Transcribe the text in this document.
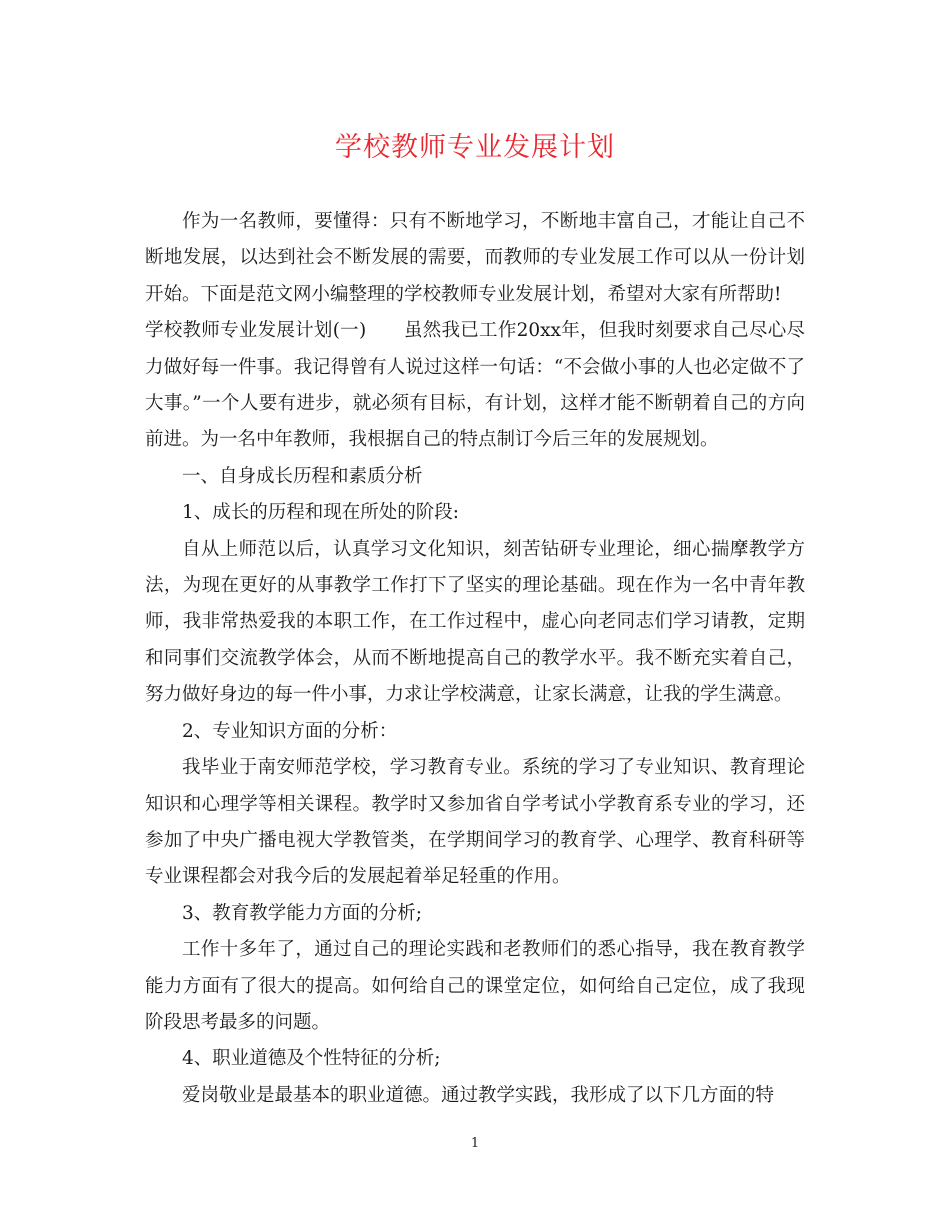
学校教师专业发展计划

作为一名教师，要懂得：只有不断地学习，不断地丰富自己，才能让自己不断地发展，以达到社会不断发展的需要，而教师的专业发展工作可以从一份计划开始。下面是范文网小编整理的学校教师专业发展计划，希望对大家有所帮助!

学校教师专业发展计划(一)　　虽然我已工作20xx年，但我时刻要求自己尽心尽力做好每一件事。我记得曾有人说过这样一句话：“不会做小事的人也必定做不了大事。”一个人要有进步，就必须有目标，有计划，这样才能不断朝着自己的方向前进。为一名中年教师，我根据自己的特点制订今后三年的发展规划。

一、自身成长历程和素质分析

1、成长的历程和现在所处的阶段:

自从上师范以后，认真学习文化知识，刻苦钻研专业理论，细心揣摩教学方法，为现在更好的从事教学工作打下了坚实的理论基础。现在作为一名中青年教师，我非常热爱我的本职工作，在工作过程中，虚心向老同志们学习请教，定期和同事们交流教学体会，从而不断地提高自己的教学水平。我不断充实着自己，努力做好身边的每一件小事，力求让学校满意，让家长满意，让我的学生满意。

2、专业知识方面的分析：

我毕业于南安师范学校，学习教育专业。系统的学习了专业知识、教育理论知识和心理学等相关课程。教学时又参加省自学考试小学教育系专业的学习，还参加了中央广播电视大学教管类，在学期间学习的教育学、心理学、教育科研等专业课程都会对我今后的发展起着举足轻重的作用。

3、教育教学能力方面的分析;

工作十多年了，通过自己的理论实践和老教师们的悉心指导，我在教育教学能力方面有了很大的提高。如何给自己的课堂定位，如何给自己定位，成了我现阶段思考最多的问题。

4、职业道德及个性特征的分析;

爱岗敬业是最基本的职业道德。通过教学实践，我形成了以下几方面的特

1
